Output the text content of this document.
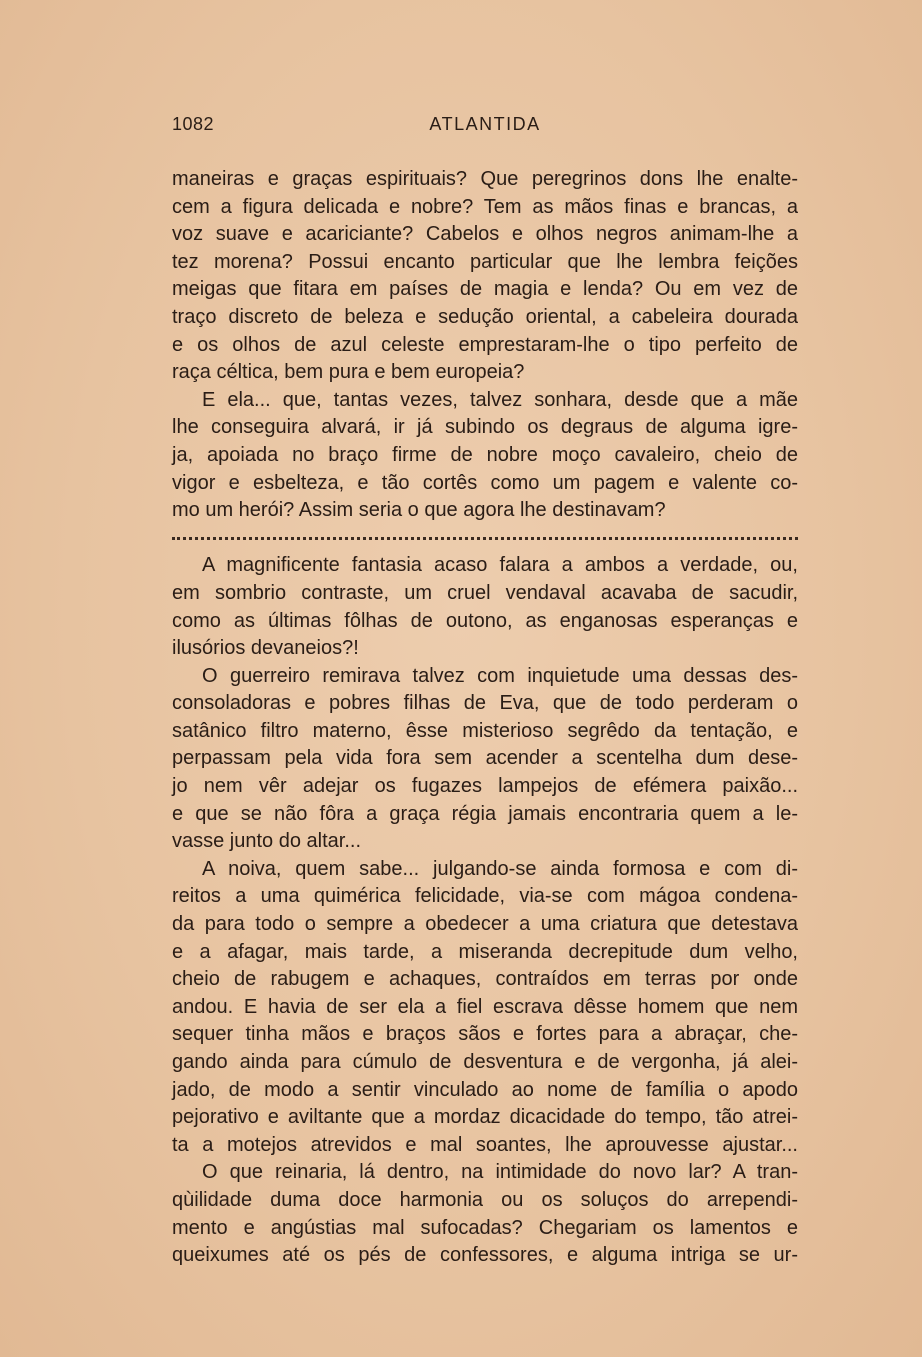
1082	ATLANTIDA
maneiras e graças espirituais? Que peregrinos dons lhe enalte-
cem a figura delicada e nobre? Tem as mãos finas e brancas, a
voz suave e acariciante? Cabelos e olhos negros animam-lhe a
tez morena? Possui encanto particular que lhe lembra feições
meigas que fitara em países de magia e lenda? Ou em vez de
traço discreto de beleza e sedução oriental, a cabeleira dourada
e os olhos de azul celeste emprestaram-lhe o tipo perfeito de
raça céltica, bem pura e bem europeia?
E ela... que, tantas vezes, talvez sonhara, desde que a mãe
lhe conseguira alvará, ir já subindo os degraus de alguma igre-
ja, apoiada no braço firme de nobre moço cavaleiro, cheio de
vigor e esbelteza, e tão cortês como um pagem e valente co-
mo um herói? Assim seria o que agora lhe destinavam?
A magnificente fantasia acaso falara a ambos a verdade, ou,
em sombrio contraste, um cruel vendaval acavaba de sacudir,
como as últimas fôlhas de outono, as enganosas esperanças e
ilusórios devaneios?!
O guerreiro remirava talvez com inquietude uma dessas des-
consoladoras e pobres filhas de Eva, que de todo perderam o
satânico filtro materno, êsse misterioso segrêdo da tentação, e
perpassam pela vida fora sem acender a scentelha dum dese-
jo nem vêr adejar os fugazes lampejos de efémera paixão...
e que se não fôra a graça régia jamais encontraria quem a le-
vasse junto do altar...
A noiva, quem sabe... julgando-se ainda formosa e com di-
reitos a uma quimérica felicidade, via-se com mágoa condena-
da para todo o sempre a obedecer a uma criatura que detestava
e a afagar, mais tarde, a miseranda decrepitude dum velho,
cheio de rabugem e achaques, contraídos em terras por onde
andou. E havia de ser ela a fiel escrava dêsse homem que nem
sequer tinha mãos e braços sãos e fortes para a abraçar, che-
gando ainda para cúmulo de desventura e de vergonha, já alei-
jado, de modo a sentir vinculado ao nome de família o apodo
pejorativo e aviltante que a mordaz dicacidade do tempo, tão atrei-
ta a motejos atrevidos e mal soantes, lhe aprouvesse ajustar...
O que reinaria, lá dentro, na intimidade do novo lar? A tran-
qùilidade duma doce harmonia ou os soluços do arrependi-
mento e angústias mal sufocadas? Chegariam os lamentos e
queixumes até os pés de confessores, e alguma intriga se ur-
